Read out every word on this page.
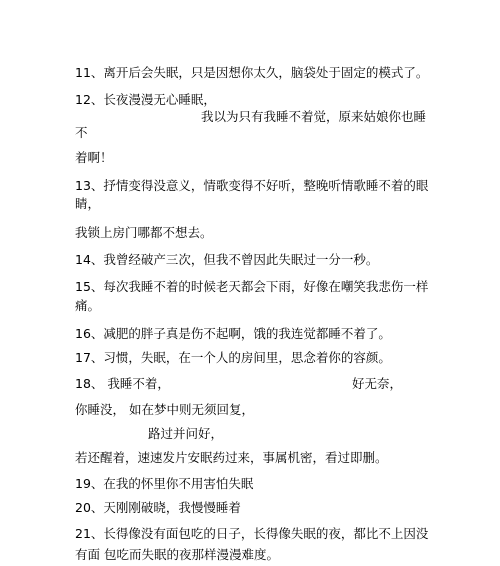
11、离开后会失眠，只是因想你太久，脑袋处于固定的模式了。
12、长夜漫漫无心睡眠，
我以为只有我睡不着觉，原来姑娘你也睡
不
着啊！
13、抒情变得没意义，情歌变得不好听，整晚听情歌睡不着的眼
睛，
我锁上房门哪都不想去。
14、我曾经破产三次，但我不曾因此失眠过一分一秒。
15、每次我睡不着的时候老天都会下雨，好像在嘲笑我悲伤一样
痛。
16、减肥的胖子真是伤不起啊，饿的我连觉都睡不着了。
17、习惯，失眠，在一个人的房间里，思念着你的容颜。
18、 我睡不着，	好无奈，
你睡没， 如在梦中则无须回复，
路过并问好，
若还醒着，速速发片安眠药过来，事属机密，看过即删。
19、在我的怀里你不用害怕失眠
20、天刚刚破晓，我慢慢睡着
21、长得像没有面包吃的日子，长得像失眠的夜，都比不上因没
有面 包吃而失眠的夜那样漫漫难度。
